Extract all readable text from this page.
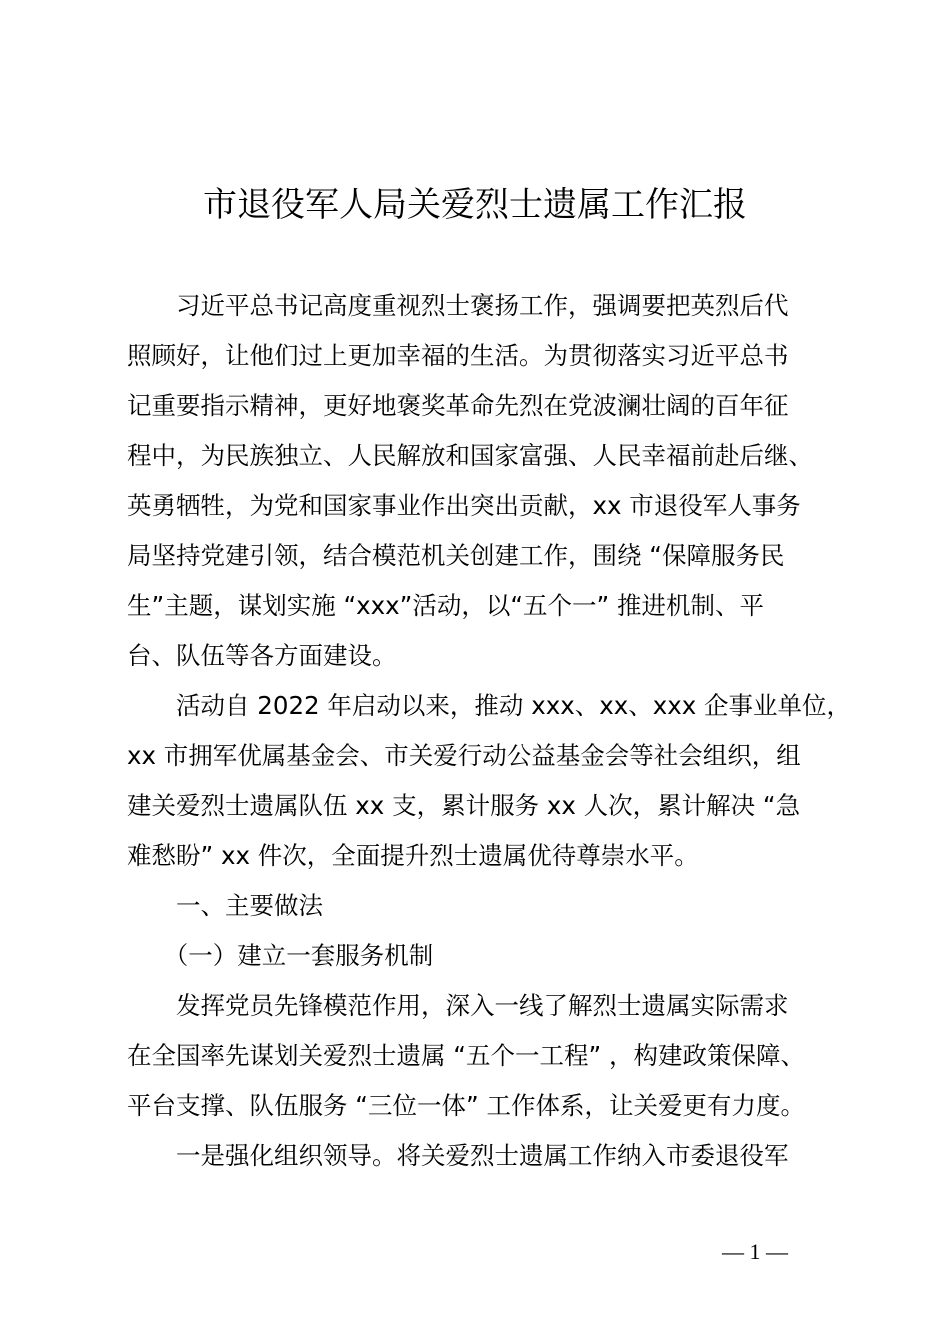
市退役军人局关爱烈士遗属工作汇报
　　习近平总书记高度重视烈士褒扬工作，强调要把英烈后代
照顾好，让他们过上更加幸福的生活。为贯彻落实习近平总书
记重要指示精神，更好地褒奖革命先烈在党波澜壮阔的百年征
程中，为民族独立、人民解放和国家富强、人民幸福前赴后继、
英勇牺牲，为党和国家事业作出突出贡献，xx 市退役军人事务
局坚持党建引领，结合模范机关创建工作，围绕 “保障服务民
生”主题，谋划实施 “xxx”活动，以“五个一” 推进机制、平
台、队伍等各方面建设。
　　活动自 2022 年启动以来，推动 xxx、xx、xxx 企事业单位，
xx 市拥军优属基金会、市关爱行动公益基金会等社会组织，组
建关爱烈士遗属队伍 xx 支，累计服务 xx 人次，累计解决 “急
难愁盼” xx 件次，全面提升烈士遗属优待尊崇水平。
　　一、主要做法
　　（一）建立一套服务机制
　　发挥党员先锋模范作用，深入一线了解烈士遗属实际需求
在全国率先谋划关爱烈士遗属 “五个一工程” ，构建政策保障、
平台支撑、队伍服务 “三位一体” 工作体系，让关爱更有力度。
　　一是强化组织领导。将关爱烈士遗属工作纳入市委退役军
— 1 —
